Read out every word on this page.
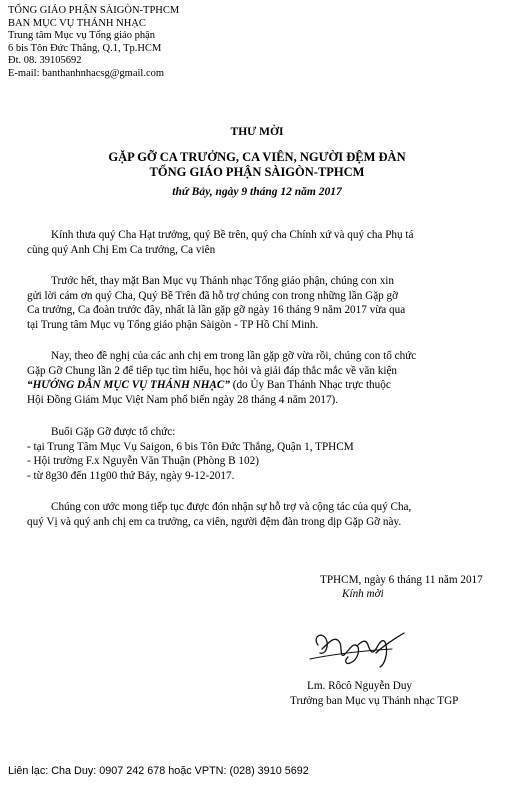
TỔNG GIÁO PHẬN SÀIGÒN-TPHCM
BAN MỤC VỤ THÁNH NHẠC
Trung tâm Mục vụ Tổng giáo phận
6 bis Tôn Đức Thắng, Q.1, Tp.HCM
Đt. 08. 39105692
E-mail: banthanhnhacsg@gmail.com
THƯ MỜI
GẶP GỠ CA TRƯỞNG, CA VIÊN, NGƯỜI ĐỆM ĐÀN
TỔNG GIÁO PHẬN SÀIGÒN-TPHCM
thứ Bảy, ngày 9 tháng 12 năm 2017
Kính thưa quý Cha Hạt trưởng, quý Bề trên, quý cha Chính xứ và quý cha Phụ tá
cùng quý Anh Chị Em Ca trưởng, Ca viên
Trước hết, thay mặt Ban Mục vụ Thánh nhạc Tổng giáo phận, chúng con xin
gửi lời cám ơn quý Cha, Quý Bề Trên đã hỗ trợ chúng con trong những lần Gặp gỡ
Ca trưởng, Ca đoàn trước đây, nhất là lần gặp gỡ ngày 16 tháng 9 năm 2017 vừa qua
tại Trung tâm Mục vụ Tổng giáo phận Sàigòn - TP Hồ Chí Minh.
Nay, theo đề nghị của các anh chị em trong lần gặp gỡ vừa rồi, chúng con tổ chức
Gặp Gỡ Chung lần 2 để tiếp tục tìm hiểu, học hỏi và giải đáp thắc mắc về văn kiện
“HƯỚNG DẪN MỤC VỤ THÁNH NHẠC” (do Ủy Ban Thánh Nhạc trực thuộc
Hội Đồng Giám Mục Việt Nam phổ biến ngày 28 tháng 4 năm 2017).
Buổi Gặp Gỡ được tổ chức:
- tại Trung Tâm Mục Vụ Saigon, 6 bis Tôn Đức Thắng, Quận 1, TPHCM
- Hội trường F.x Nguyễn Văn Thuận (Phòng B 102)
- từ 8g30 đến 11g00 thứ Bảy, ngày 9-12-2017.
Chúng con ước mong tiếp tục được đón nhận sự hỗ trợ và cộng tác của quý Cha,
quý Vị và quý anh chị em ca trưởng, ca viên, người đệm đàn trong dịp Gặp Gỡ này.
TPHCM, ngày 6 tháng 11 năm 2017
Kính mời
Lm. Rôcô Nguyễn Duy
Trưởng ban Mục vụ Thánh nhạc TGP
Liên lạc: Cha Duy: 0907 242 678 hoặc VPTN: (028) 3910 5692
